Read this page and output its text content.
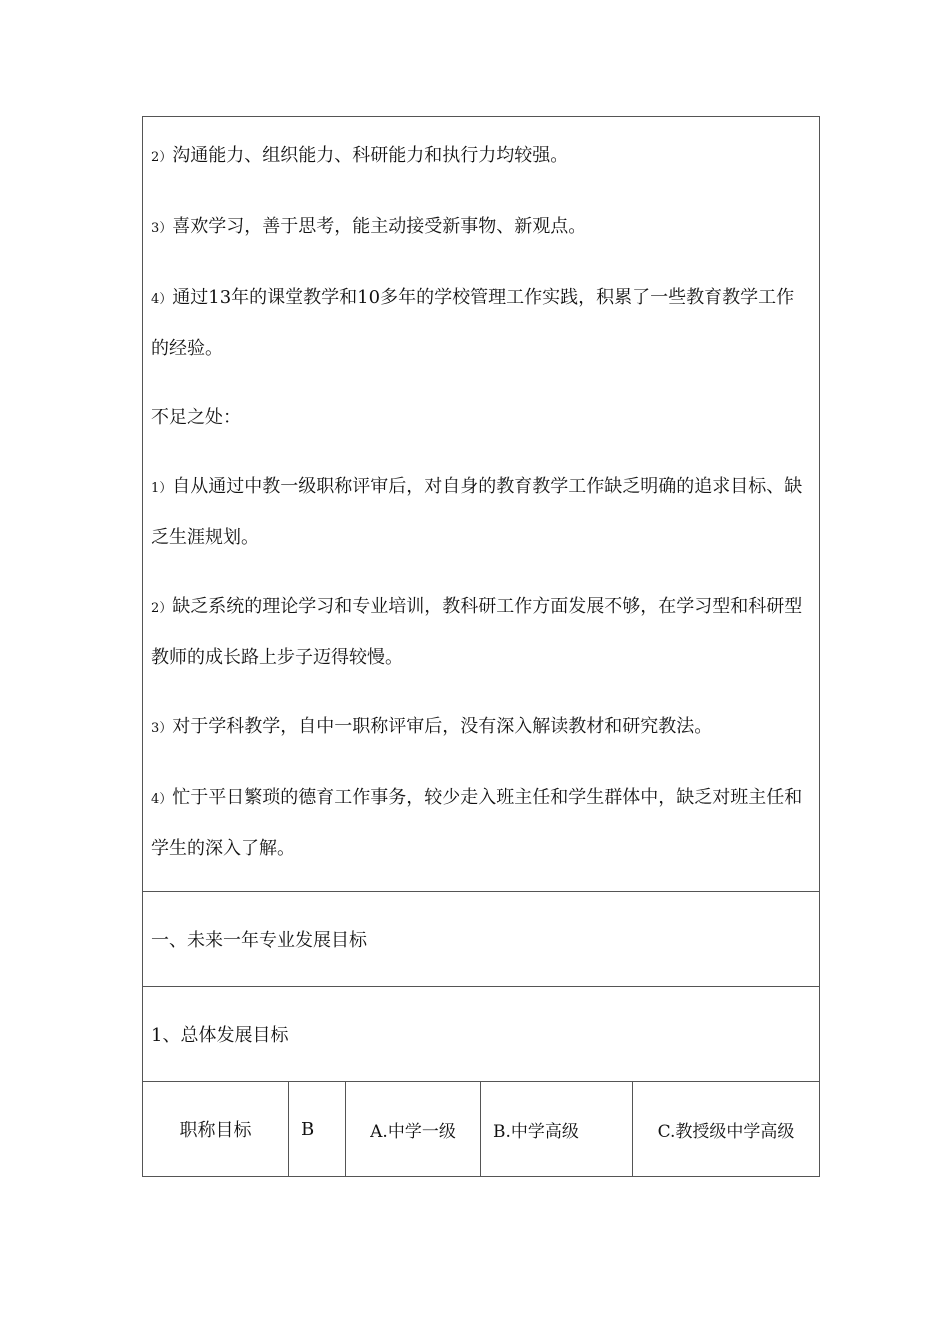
2）沟通能力、组织能力、科研能力和执行力均较强。

3）喜欢学习，善于思考，能主动接受新事物、新观点。

4）通过13年的课堂教学和10多年的学校管理工作实践，积累了一些教育教学工作的经验。

不足之处：

1）自从通过中教一级职称评审后，对自身的教育教学工作缺乏明确的追求目标、缺乏生涯规划。

2）缺乏系统的理论学习和专业培训，教科研工作方面发展不够，在学习型和科研型教师的成长路上步子迈得较慢。

3）对于学科教学，自中一职称评审后，没有深入解读教材和研究教法。

4）忙于平日繁琐的德育工作事务，较少走入班主任和学生群体中，缺乏对班主任和学生的深入了解。

一、未来一年专业发展目标
1、总体发展目标
职称目标	B	A.中学一级	B.中学高级	C.教授级中学高级
